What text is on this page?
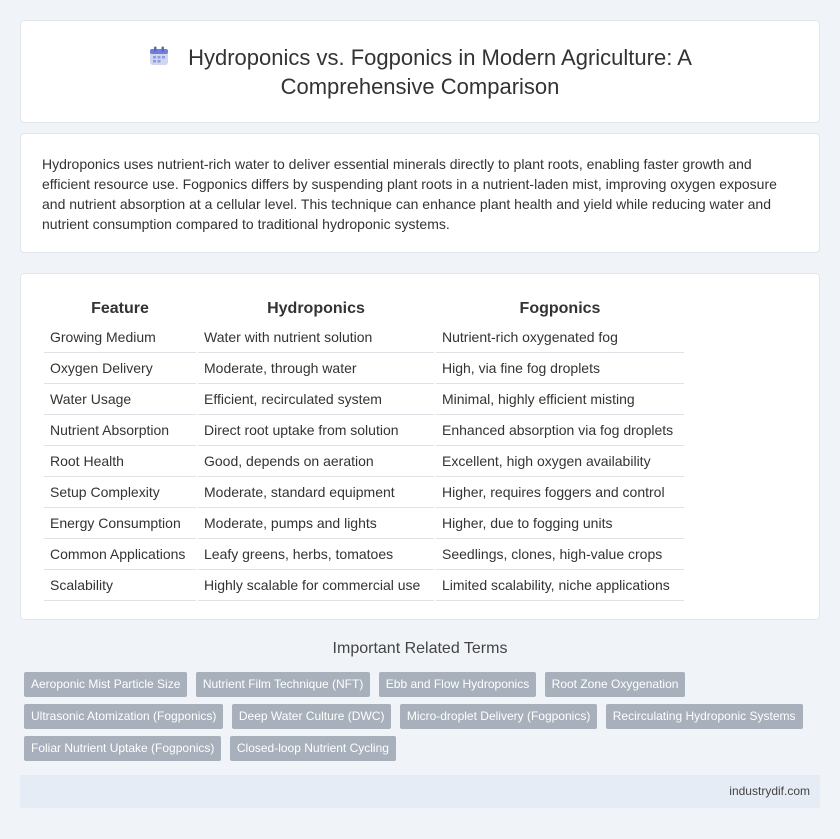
Hydroponics vs. Fogponics in Modern Agriculture: A
Comprehensive Comparison
Hydroponics uses nutrient-rich water to deliver essential minerals directly to plant roots, enabling faster growth and efficient resource use. Fogponics differs by suspending plant roots in a nutrient-laden mist, improving oxygen exposure and nutrient absorption at a cellular level. This technique can enhance plant health and yield while reducing water and nutrient consumption compared to traditional hydroponic systems.
Feature	Hydroponics	Fogponics
Growing Medium	Water with nutrient solution	Nutrient-rich oxygenated fog
Oxygen Delivery	Moderate, through water	High, via fine fog droplets
Water Usage	Efficient, recirculated system	Minimal, highly efficient misting
Nutrient Absorption	Direct root uptake from solution	Enhanced absorption via fog droplets
Root Health	Good, depends on aeration	Excellent, high oxygen availability
Setup Complexity	Moderate, standard equipment	Higher, requires foggers and control
Energy Consumption	Moderate, pumps and lights	Higher, due to fogging units
Common Applications	Leafy greens, herbs, tomatoes	Seedlings, clones, high-value crops
Scalability	Highly scalable for commercial use	Limited scalability, niche applications
Important Related Terms
Aeroponic Mist Particle Size Nutrient Film Technique (NFT) Ebb and Flow Hydroponics Root Zone Oxygenation Ultrasonic Atomization (Fogponics) Deep Water Culture (DWC) Micro-droplet Delivery (Fogponics) Recirculating Hydroponic Systems Foliar Nutrient Uptake (Fogponics) Closed-loop Nutrient Cycling
industrydif.com
